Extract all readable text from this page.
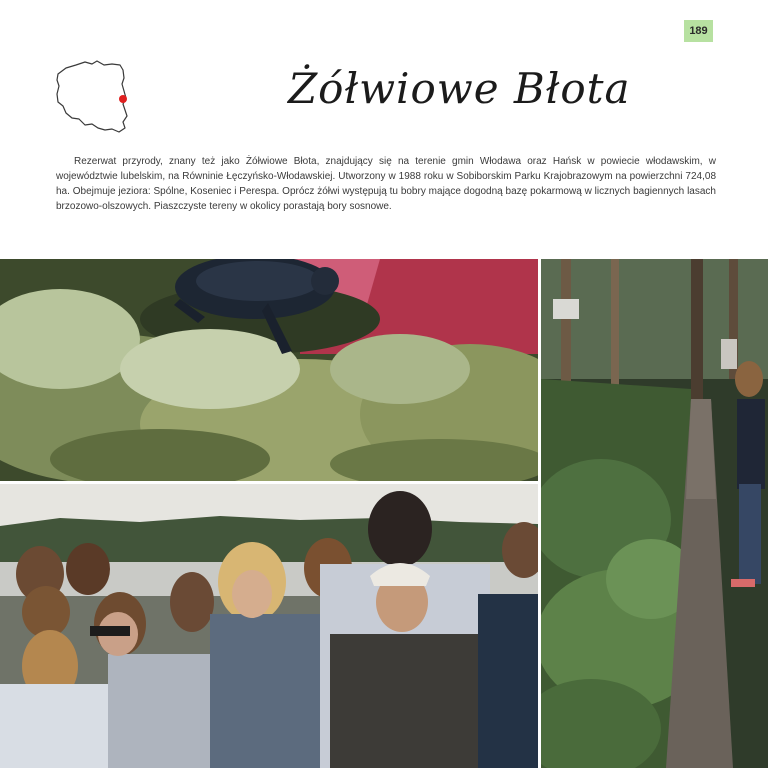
189
Żółwiowe Błota

Rezerwat przyrody, znany też jako Żółwiowe Błota, znajdujący się na terenie gmin Włodawa oraz Hańsk w powiecie włodawskim, w województwie lubelskim, na Równinie Łęczyńsko-Włodawskiej. Utworzony w 1988 roku w Sobiborskim Parku Krajobrazowym na powierzchni 724,08 ha. Obejmuje jeziora: Spólne, Koseniec i Perespa. Oprócz żółwi występują tu bobry mające dogodną bazę pokarmową w licznych bagiennych lasach brzozowo-olszowych. Piaszczyste tereny w okolicy porastają bory sosnowe.
